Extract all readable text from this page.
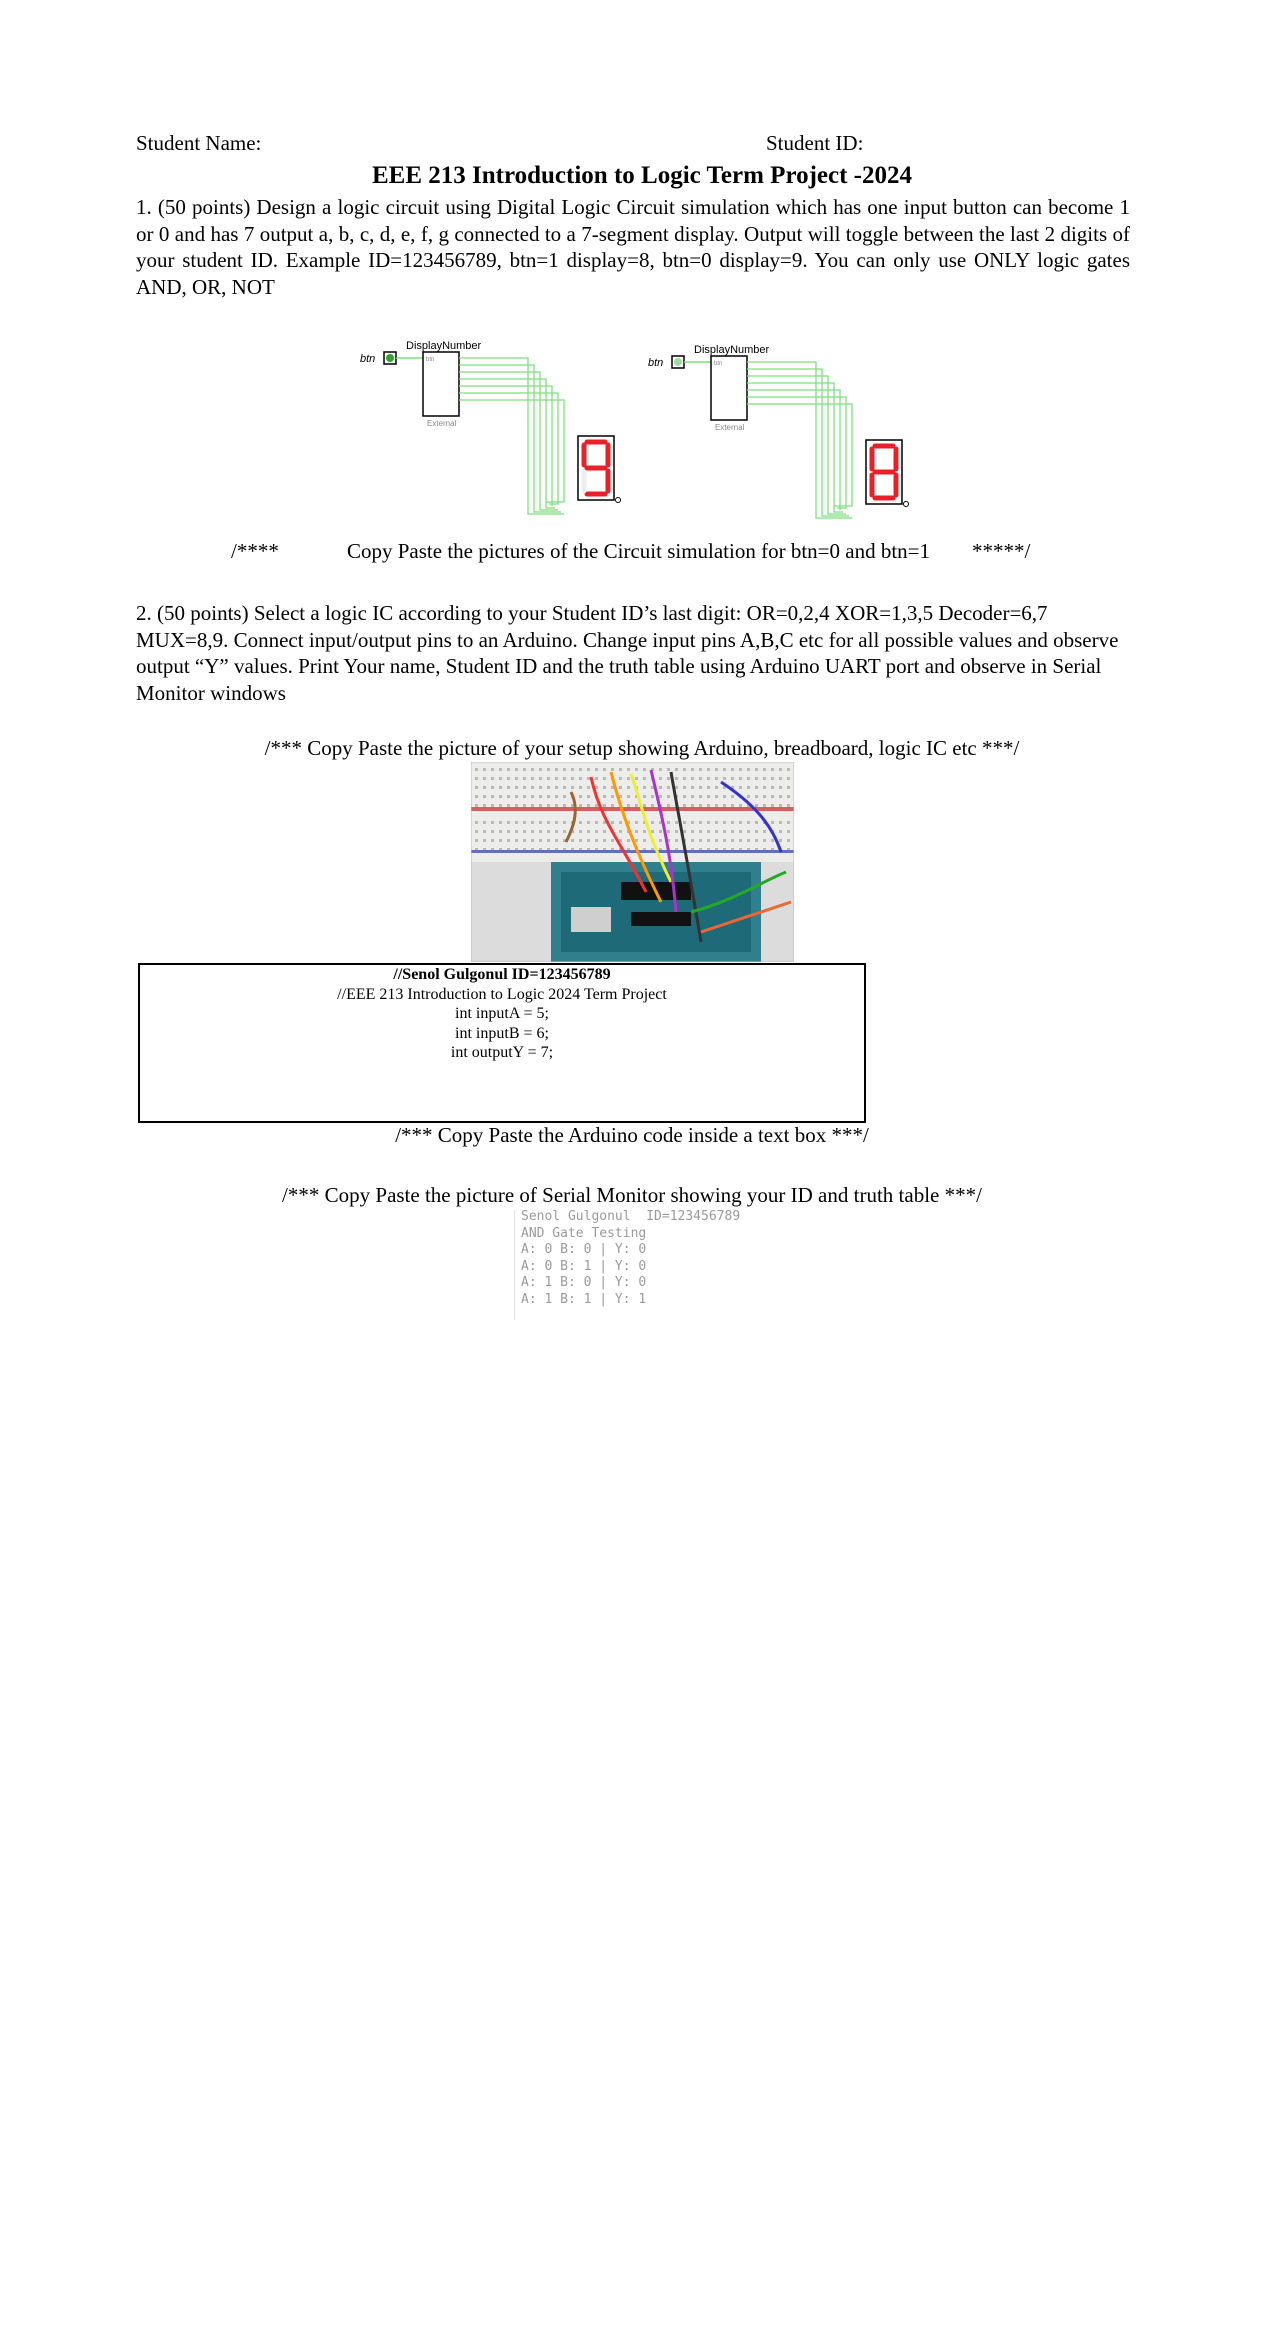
Student Name:	Student ID:
EEE 213 Introduction to Logic Term Project -2024
1. (50 points) Design a logic circuit using Digital Logic Circuit simulation which has one input button can become 1 or 0 and has 7 output a, b, c, d, e, f, g connected to a 7-segment display. Output will toggle between the last 2 digits of your student ID. Example ID=123456789, btn=1 display=8, btn=0 display=9. You can only use ONLY logic gates AND, OR, NOT
btn
DisplayNumber
btn
External
btn
DisplayNumber
btn
External
/****	Copy Paste the pictures of the Circuit simulation for btn=0 and btn=1 *****/
2. (50 points) Select a logic IC according to your Student ID’s last digit: OR=0,2,4 XOR=1,3,5 Decoder=6,7 MUX=8,9. Connect input/output pins to an Arduino. Change input pins A,B,C etc for all possible values and observe output “Y” values. Print Your name, Student ID and the truth table using Arduino UART port and observe in Serial Monitor windows
/*** Copy Paste the picture of your setup showing Arduino, breadboard, logic IC etc ***/
//Senol Gulgonul ID=123456789
//EEE 213 Introduction to Logic 2024 Term Project
int inputA = 5;
int inputB = 6;
int outputY = 7;
/*** Copy Paste the Arduino code inside a text box ***/
/*** Copy Paste the picture of Serial Monitor showing your ID and truth table ***/
Senol Gulgonul  ID=123456789
AND Gate Testing
A: 0 B: 0 | Y: 0
A: 0 B: 1 | Y: 0
A: 1 B: 0 | Y: 0
A: 1 B: 1 | Y: 1
